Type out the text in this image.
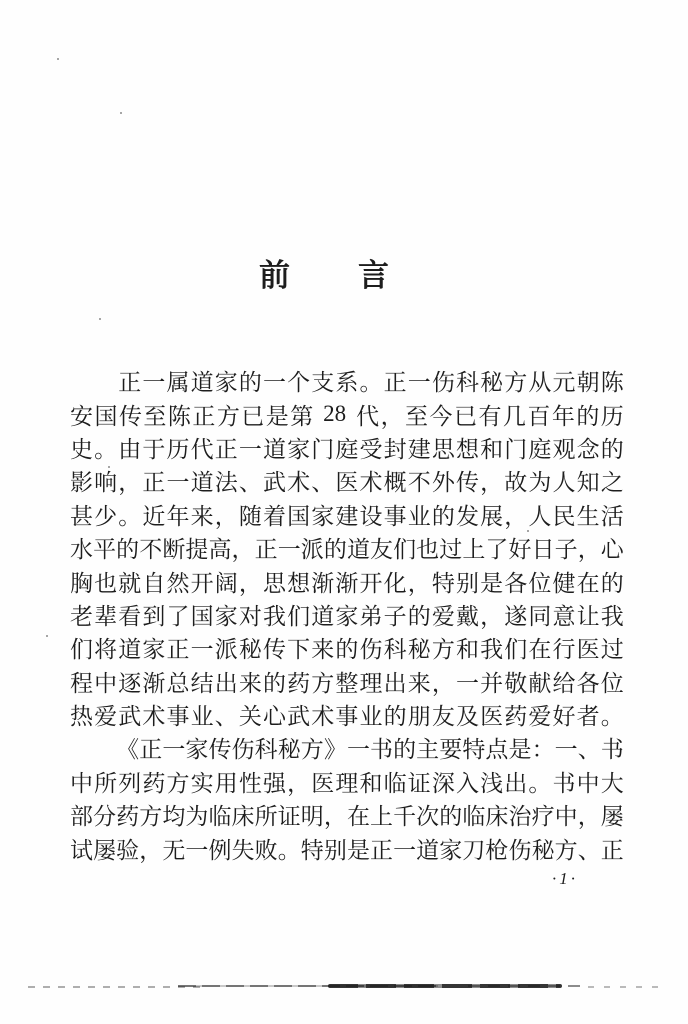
前　　言

正 一 属 道 家 的 一 个 支 系 。 正 一 伤 科 秘 方 从 元 朝 陈
安 国 传 至 陈 正 方 已 是 第
28
代 ， 至 今 已 有 几 百 年 的 历
史 。 由 于 历 代 正 一 道 家 门 庭 受 封 建 思 想 和 门 庭 观 念 的
影 响 ， 正 一 道 法 、 武 术 、 医 术 概 不 外 传 ， 故 为 人 知 之
甚 少 。 近 年 来 ， 随 着 国 家 建 设 事 业 的 发 展 ， 人 民 生 活
水 平 的 不 断 提 高 ， 正 一 派 的 道 友 们 也 过 上 了 好 日 子 ， 心
胸 也 就 自 然 开 阔 ， 思 想 渐 渐 开 化 ， 特 别 是 各 位 健 在 的
老 辈 看 到 了 国 家 对 我 们 道 家 弟 子 的 爱 戴 ， 遂 同 意 让 我
们 将 道 家 正 一 派 秘 传 下 来 的 伤 科 秘 方 和 我 们 在 行 医 过
程 中 逐 渐 总 结 出 来 的 药 方 整 理 出 来 ， 一 并 敬 献 给 各 位
热 爱 武 术 事 业 、 关 心 武 术 事 业 的 朋 友 及 医 药 爱 好 者 。

《 正 一 家 传 伤 科 秘 方 》 一 书 的 主 要 特 点 是 ： 一 、 书
中 所 列 药 方 实 用 性 强 ， 医 理 和 临 证 深 入 浅 出 。 书 中 大
部 分 药 方 均 为 临 床 所 证 明 ， 在 上 千 次 的 临 床 治 疗 中 ， 屡
试 屡 验 ， 无 一 例 失 败 。 特 别 是 正 一 道 家 刀 枪 伤 秘 方 、 正
·1·
